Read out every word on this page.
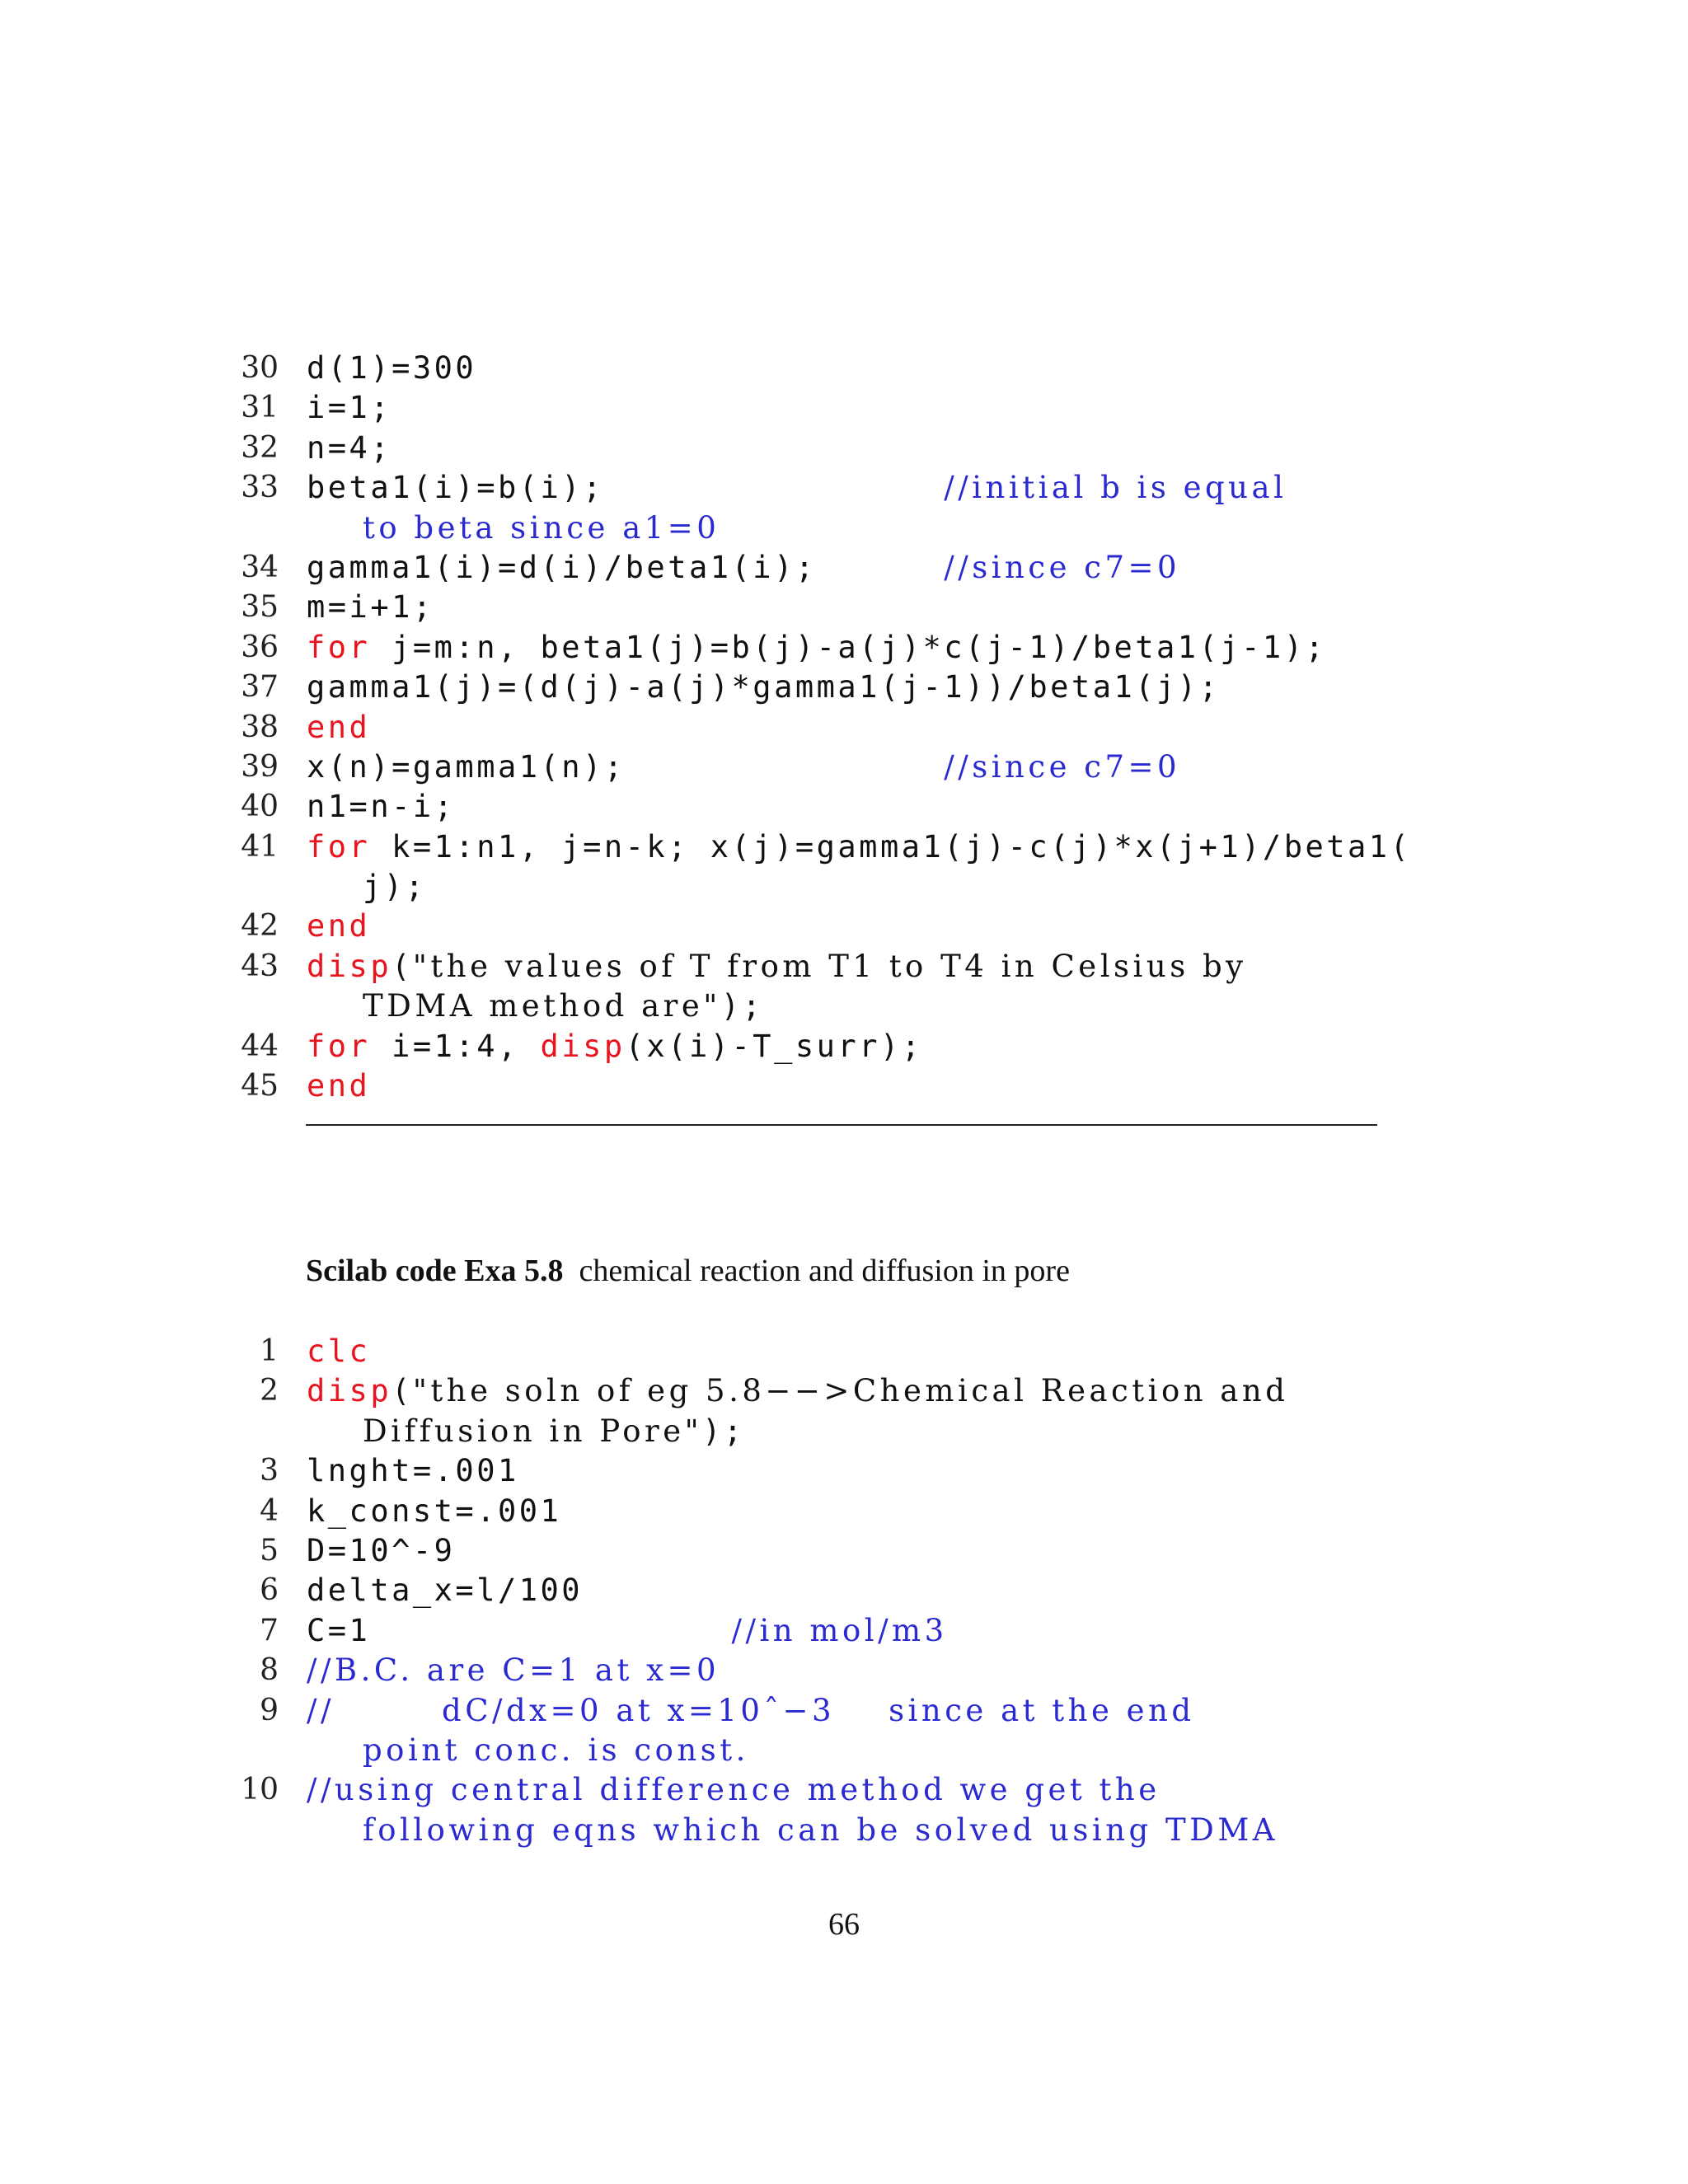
30 d(1)=300
31 i=1;
32 n=4;
33 beta1(i)=b(i);                //initial b is equal
to beta since a1=0
34 gamma1(i)=d(i)/beta1(i);      //since c7=0
35 m=i+1;
36 for j=m:n, beta1(j)=b(j)-a(j)*c(j-1)/beta1(j-1);
37 gamma1(j)=(d(j)-a(j)*gamma1(j-1))/beta1(j);
38 end
39 x(n)=gamma1(n);               //since c7=0
40 n1=n-i;
41 for k=1:n1, j=n-k; x(j)=gamma1(j)-c(j)*x(j+1)/beta1(
j);
42 end
43 disp("the values of T from T1 to T4 in Celsius by
TDMA method are");
44 for i=1:4, disp(x(i)-T_surr);
45 end
Scilab code Exa 5.8 chemical reaction and diffusion in pore
1 clc
2 disp("the soln of eg 5.8−−>Chemical Reaction and
Diffusion in Pore");
3 lnght=.001
4 k_const=.001
5 D=10^-9
6 delta_x=l/100
7 C=1                 //in mol/m3
8 //B.C. are C=1 at x=0
9 //        dC/dx=0 at x=10ˆ−3    since at the end
point conc. is const.
10 //using central difference method we get the
following eqns which can be solved using TDMA
66
